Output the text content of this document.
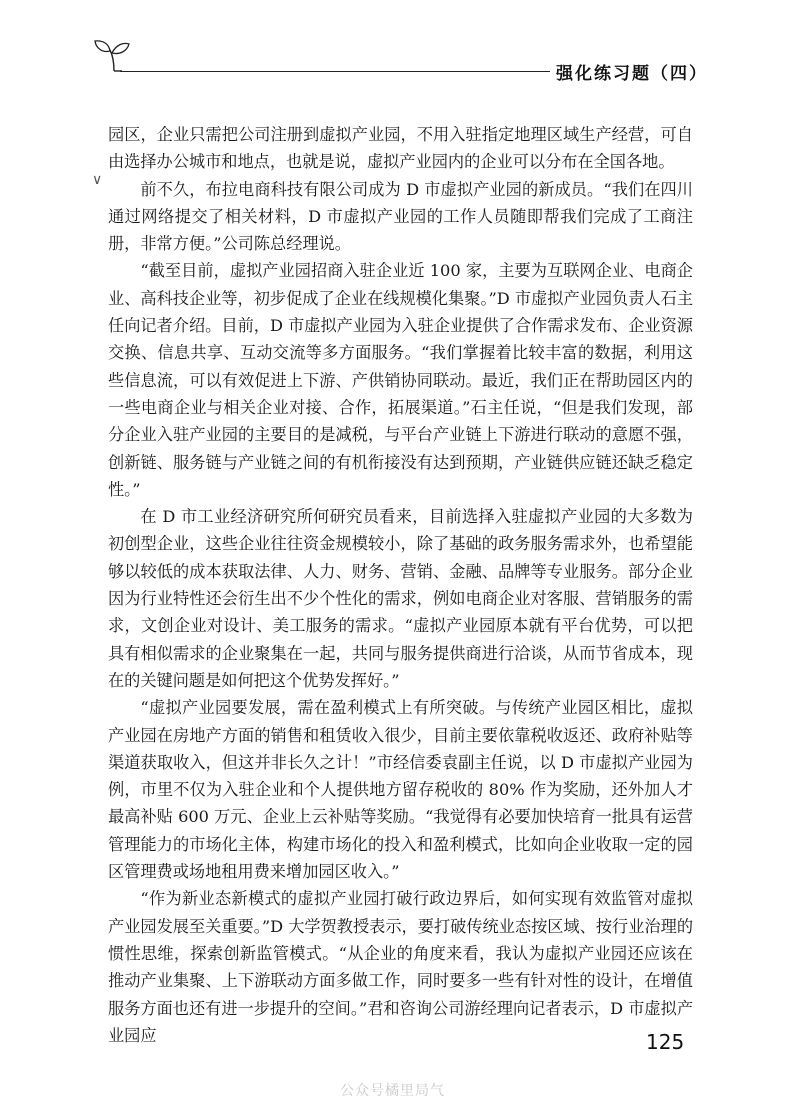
强化练习题（四）
∨

园区，企业只需把公司注册到虚拟产业园，不用入驻指定地理区域生产经营，可自由选择办公城市和地点，也就是说，虚拟产业园内的企业可以分布在全国各地。

前不久，布拉电商科技有限公司成为 D 市虚拟产业园的新成员。“我们在四川通过网络提交了相关材料，D 市虚拟产业园的工作人员随即帮我们完成了工商注册，非常方便。”公司陈总经理说。

“截至目前，虚拟产业园招商入驻企业近 100 家，主要为互联网企业、电商企业、高科技企业等，初步促成了企业在线规模化集聚。”D 市虚拟产业园负责人石主任向记者介绍。目前，D 市虚拟产业园为入驻企业提供了合作需求发布、企业资源交换、信息共享、互动交流等多方面服务。“我们掌握着比较丰富的数据，利用这些信息流，可以有效促进上下游、产供销协同联动。最近，我们正在帮助园区内的一些电商企业与相关企业对接、合作，拓展渠道。”石主任说，“但是我们发现，部分企业入驻产业园的主要目的是减税，与平台产业链上下游进行联动的意愿不强，创新链、服务链与产业链之间的有机衔接没有达到预期，产业链供应链还缺乏稳定性。”

在 D 市工业经济研究所何研究员看来，目前选择入驻虚拟产业园的大多数为初创型企业，这些企业往往资金规模较小，除了基础的政务服务需求外，也希望能够以较低的成本获取法律、人力、财务、营销、金融、品牌等专业服务。部分企业因为行业特性还会衍生出不少个性化的需求，例如电商企业对客服、营销服务的需求，文创企业对设计、美工服务的需求。“虚拟产业园原本就有平台优势，可以把具有相似需求的企业聚集在一起，共同与服务提供商进行洽谈，从而节省成本，现在的关键问题是如何把这个优势发挥好。”

“虚拟产业园要发展，需在盈利模式上有所突破。与传统产业园区相比，虚拟产业园在房地产方面的销售和租赁收入很少，目前主要依靠税收返还、政府补贴等渠道获取收入，但这并非长久之计！”市经信委袁副主任说，以 D 市虚拟产业园为例，市里不仅为入驻企业和个人提供地方留存税收的 80% 作为奖励，还外加人才最高补贴 600 万元、企业上云补贴等奖励。“我觉得有必要加快培育一批具有运营管理能力的市场化主体，构建市场化的投入和盈利模式，比如向企业收取一定的园区管理费或场地租用费来增加园区收入。”

“作为新业态新模式的虚拟产业园打破行政边界后，如何实现有效监管对虚拟产业园发展至关重要。”D 大学贺教授表示，要打破传统业态按区域、按行业治理的惯性思维，探索创新监管模式。“从企业的角度来看，我认为虚拟产业园还应该在推动产业集聚、上下游联动方面多做工作，同时要多一些有针对性的设计，在增值服务方面也还有进一步提升的空间。”君和咨询公司游经理向记者表示，D 市虚拟产业园应	125
公众号橘里局气
